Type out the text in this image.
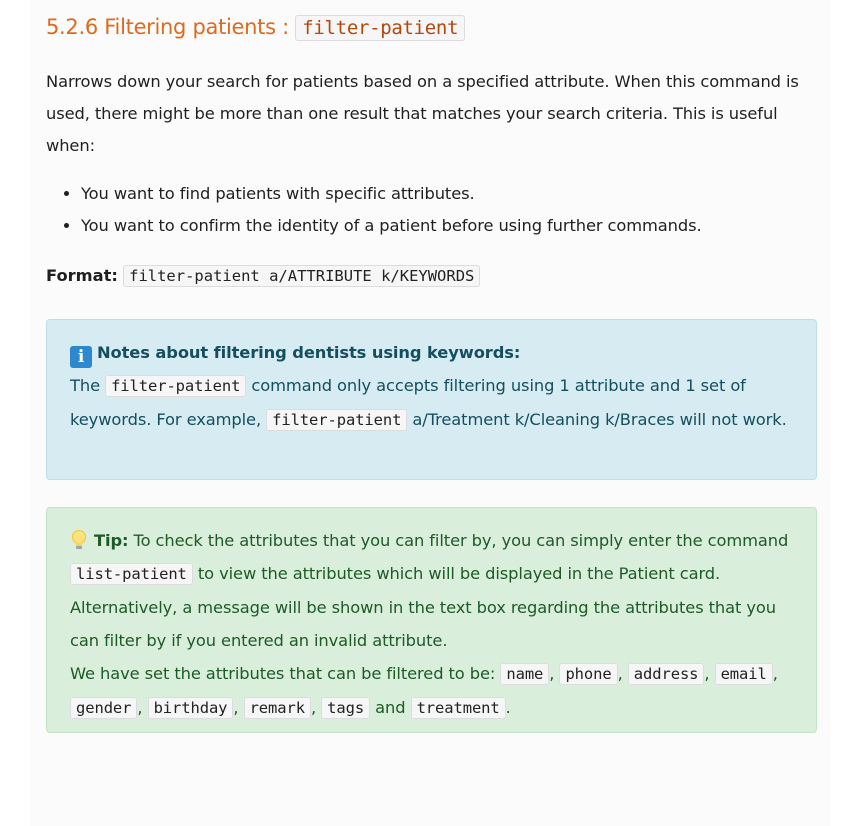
5.2.6 Filtering patients : filter-patient

Narrows down your search for patients based on a specified attribute. When this command is used, there might be more than one result that matches your search criteria. This is useful when:

• You want to find patients with specific attributes.
• You want to confirm the identity of a patient before using further commands.
Format: filter-patient a/ATTRIBUTE k/KEYWORDS
i Notes about filtering dentists using keywords:
The filter-patient command only accepts filtering using 1 attribute and 1 set of keywords. For example, filter-patient a/Treatment k/Cleaning k/Braces will not work.
Tip: To check the attributes that you can filter by, you can simply enter the command list-patient to view the attributes which will be displayed in the Patient card. Alternatively, a message will be shown in the text box regarding the attributes that you can filter by if you entered an invalid attribute.
We have set the attributes that can be filtered to be: name , phone , address , email , gender , birthday , remark , tags and treatment .
